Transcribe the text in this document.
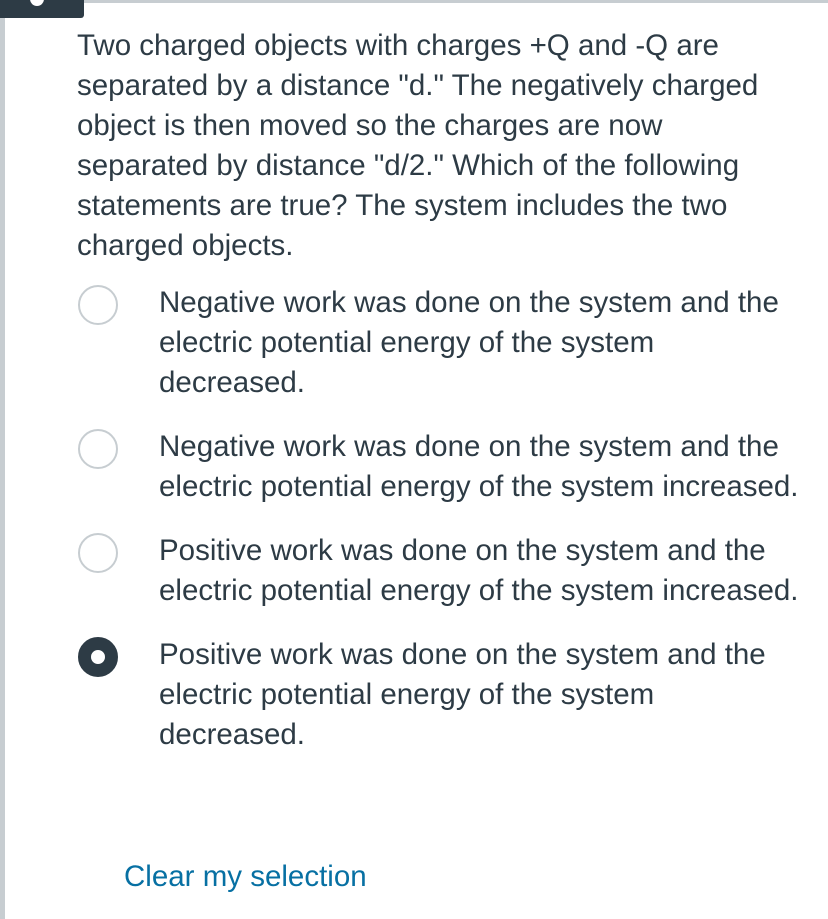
Two charged objects with charges +Q and -Q are separated by a distance "d." The negatively charged object is then moved so the charges are now separated by distance "d/2." Which of the following statements are true? The system includes the two charged objects.
Negative work was done on the system and the electric potential energy of the system decreased.
Negative work was done on the system and the electric potential energy of the system increased.
Positive work was done on the system and the electric potential energy of the system increased.
Positive work was done on the system and the electric potential energy of the system decreased.
Clear my selection
